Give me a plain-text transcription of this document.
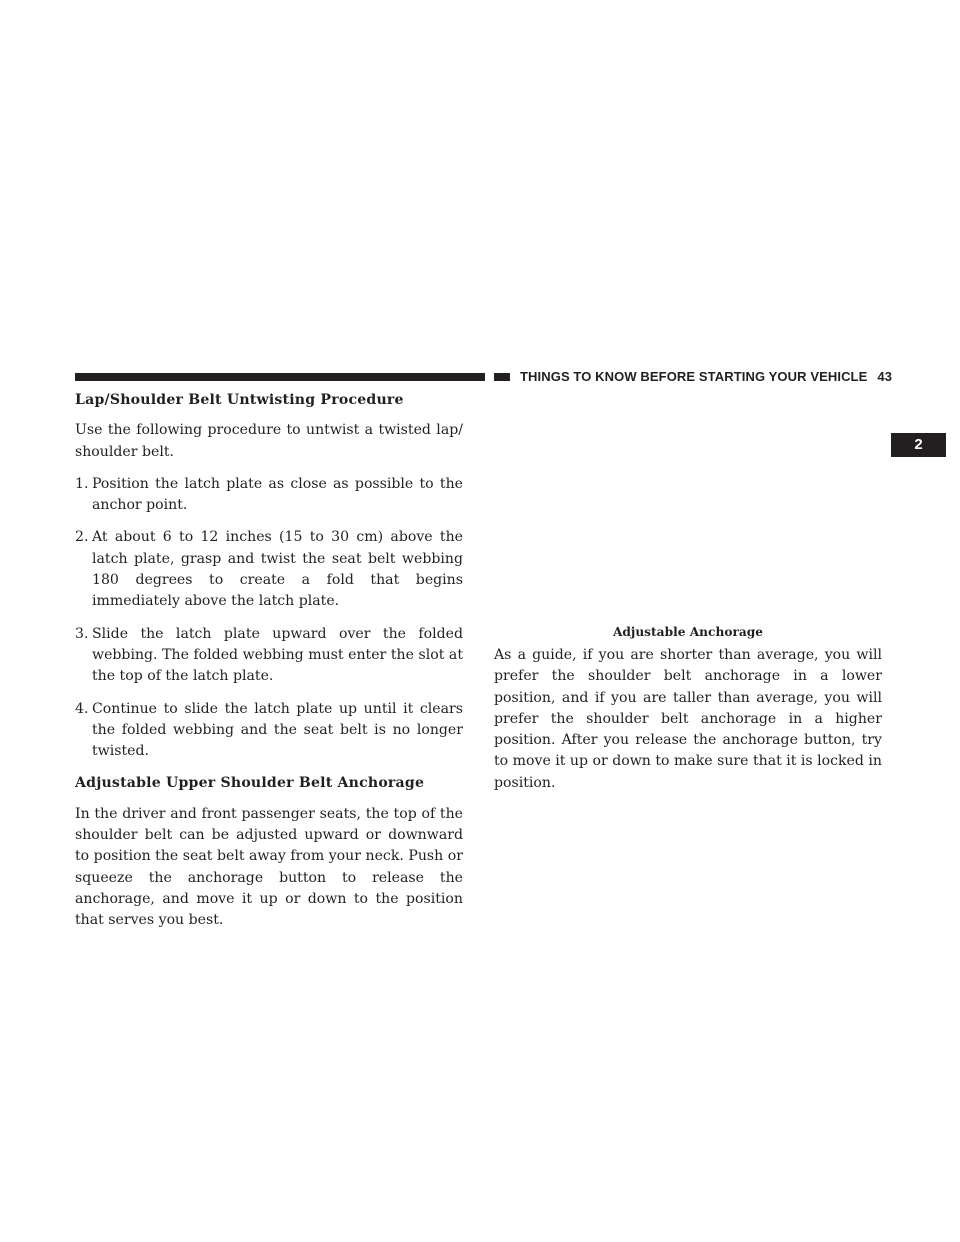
THINGS TO KNOW BEFORE STARTING YOUR VEHICLE 43
2
Lap/Shoulder Belt Untwisting Procedure

Use the following procedure to untwist a twisted lap/ shoulder belt.

1. Position the latch plate as close as possible to the anchor point.
2. At about 6 to 12 inches (15 to 30 cm) above the latch plate, grasp and twist the seat belt webbing 180 degrees to create a fold that begins immediately above the latch plate.
3. Slide the latch plate upward over the folded webbing. The folded webbing must enter the slot at the top of the latch plate.
4. Continue to slide the latch plate up until it clears the folded webbing and the seat belt is no longer twisted.
Adjustable Upper Shoulder Belt Anchorage

In the driver and front passenger seats, the top of the shoulder belt can be adjusted upward or downward to position the seat belt away from your neck. Push or squeeze the anchorage button to release the anchorage, and move it up or down to the position that serves you best.

Adjustable Anchorage

As a guide, if you are shorter than average, you will prefer the shoulder belt anchorage in a lower position, and if you are taller than average, you will prefer the shoulder belt anchorage in a higher position. After you release the anchorage button, try to move it up or down to make sure that it is locked in position.
